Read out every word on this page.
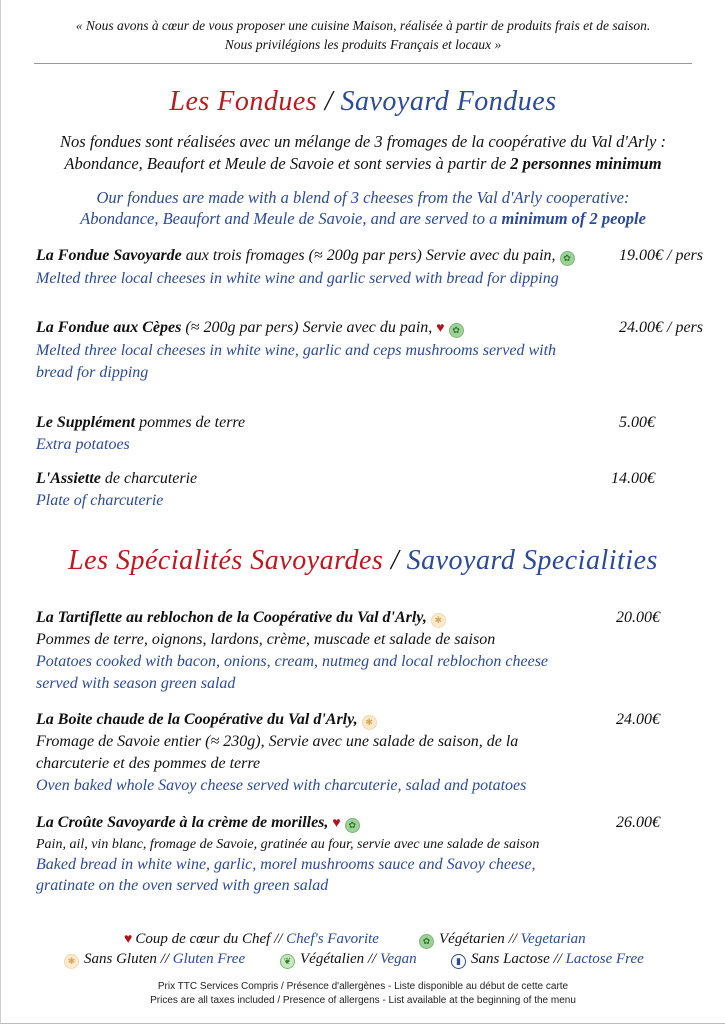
« Nous avons à cœur de vous proposer une cuisine Maison, réalisée à partir de produits frais et de saison.
Nous privilégions les produits Français et locaux »
Les Fondues / Savoyard Fondues
Nos fondues sont réalisées avec un mélange de 3 fromages de la coopérative du Val d'Arly :
Abondance, Beaufort et Meule de Savoie et sont servies à partir de 2 personnes minimum
Our fondues are made with a blend of 3 cheeses from the Val d'Arly cooperative:
Abondance, Beaufort and Meule de Savoie, and are served to a minimum of 2 people
La Fondue Savoyarde aux trois fromages (≈ 200g par pers) Servie avec du pain, ✿	19.00€ / pers
Melted three local cheeses in white wine and garlic served with bread for dipping
La Fondue aux Cèpes (≈ 200g par pers) Servie avec du pain, ♥ ✿	24.00€ / pers
Melted three local cheeses in white wine, garlic and ceps mushrooms served with
bread for dipping
Le Supplément pommes de terre	5.00€
Extra potatoes
L'Assiette de charcuterie	14.00€
Plate of charcuterie
Les Spécialités Savoyardes / Savoyard Specialities
La Tartiflette au reblochon de la Coopérative du Val d'Arly, ✱	20.00€
Pommes de terre, oignons, lardons, crème, muscade et salade de saison
Potatoes cooked with bacon, onions, cream, nutmeg and local reblochon cheese
served with season green salad
La Boite chaude de la Coopérative du Val d'Arly, ✱	24.00€
Fromage de Savoie entier (≈ 230g), Servie avec une salade de saison, de la
charcuterie et des pommes de terre
Oven baked whole Savoy cheese served with charcuterie, salad and potatoes
La Croûte Savoyarde à la crème de morilles, ♥ ✿	26.00€
Pain, ail, vin blanc, fromage de Savoie, gratinée au four, servie avec une salade de saison
Baked bread in white wine, garlic, morel mushrooms sauce and Savoy cheese,
gratinate on the oven served with green salad
♥ Coup de cœur du Chef // Chef's Favorite	✿ Végétarien // Vegetarian
✱ Sans Gluten // Gluten Free	❦ Végétalien // Vegan	▮ Sans Lactose // Lactose Free
Prix TTC Services Compris / Présence d'allergènes - Liste disponible au début de cette carte
Prices are all taxes included / Presence of allergens - List available at the beginning of the menu
